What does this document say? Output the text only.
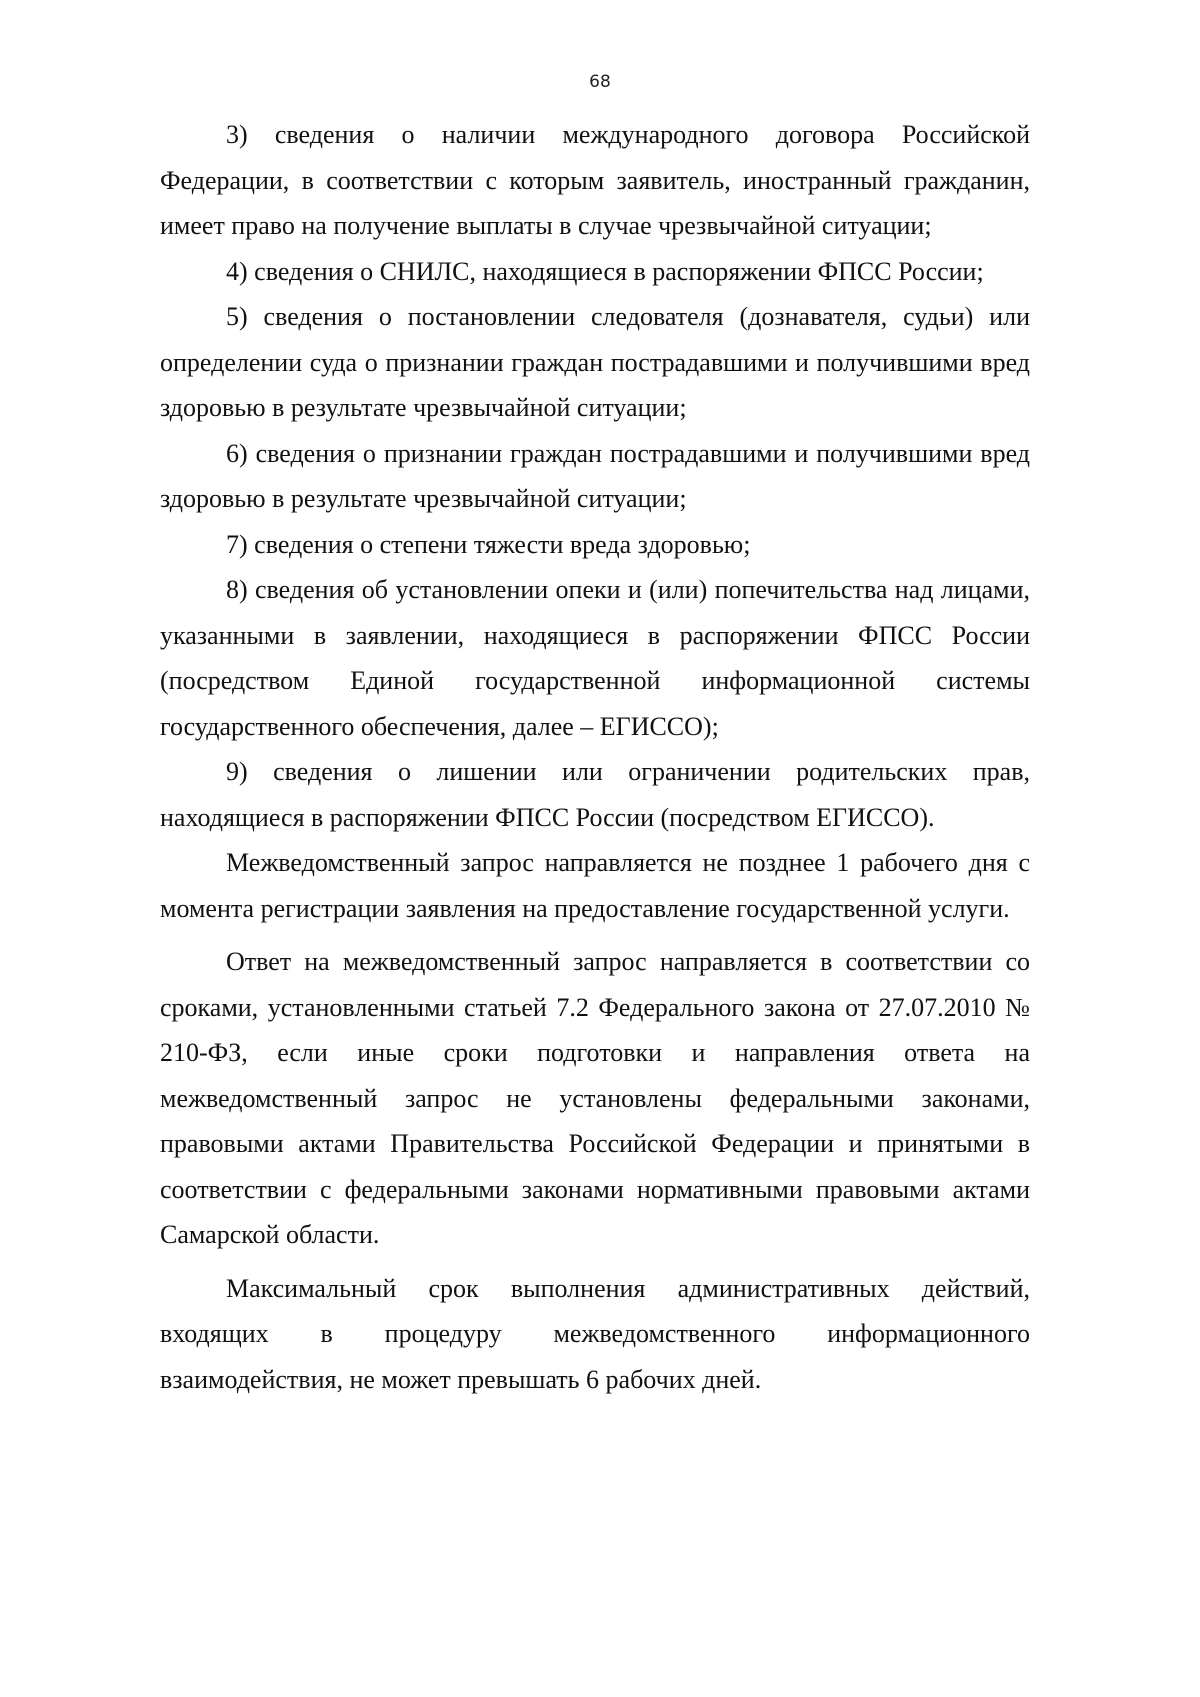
68

3) сведения о наличии международного договора Российской Федерации, в соответствии с которым заявитель, иностранный гражданин, имеет право на получение выплаты в случае чрезвычайной ситуации;

4) сведения о СНИЛС, находящиеся в распоряжении ФПСС России;

5) сведения о постановлении следователя (дознавателя, судьи) или определении суда о признании граждан пострадавшими и получившими вред здоровью в результате чрезвычайной ситуации;

6) сведения о признании граждан пострадавшими и получившими вред здоровью в результате чрезвычайной ситуации;

7) сведения о степени тяжести вреда здоровью;

8) сведения об установлении опеки и (или) попечительства над лицами, указанными в заявлении, находящиеся в распоряжении ФПСС России (посредством Единой государственной информационной системы государственного обеспечения, далее – ЕГИССО);

9) сведения о лишении или ограничении родительских прав, находящиеся в распоряжении ФПСС России (посредством ЕГИССО).

Межведомственный запрос направляется не позднее 1 рабочего дня с момента регистрации заявления на предоставление государственной услуги.

Ответ на межведомственный запрос направляется в соответствии со сроками, установленными статьей 7.2 Федерального закона от 27.07.2010 № 210-ФЗ, если иные сроки подготовки и направления ответа на межведомственный запрос не установлены федеральными законами, правовыми актами Правительства Российской Федерации и принятыми в соответствии с федеральными законами нормативными правовыми актами Самарской области.

Максимальный срок выполнения административных действий, входящих в процедуру межведомственного информационного взаимодействия, не может превышать 6 рабочих дней.
